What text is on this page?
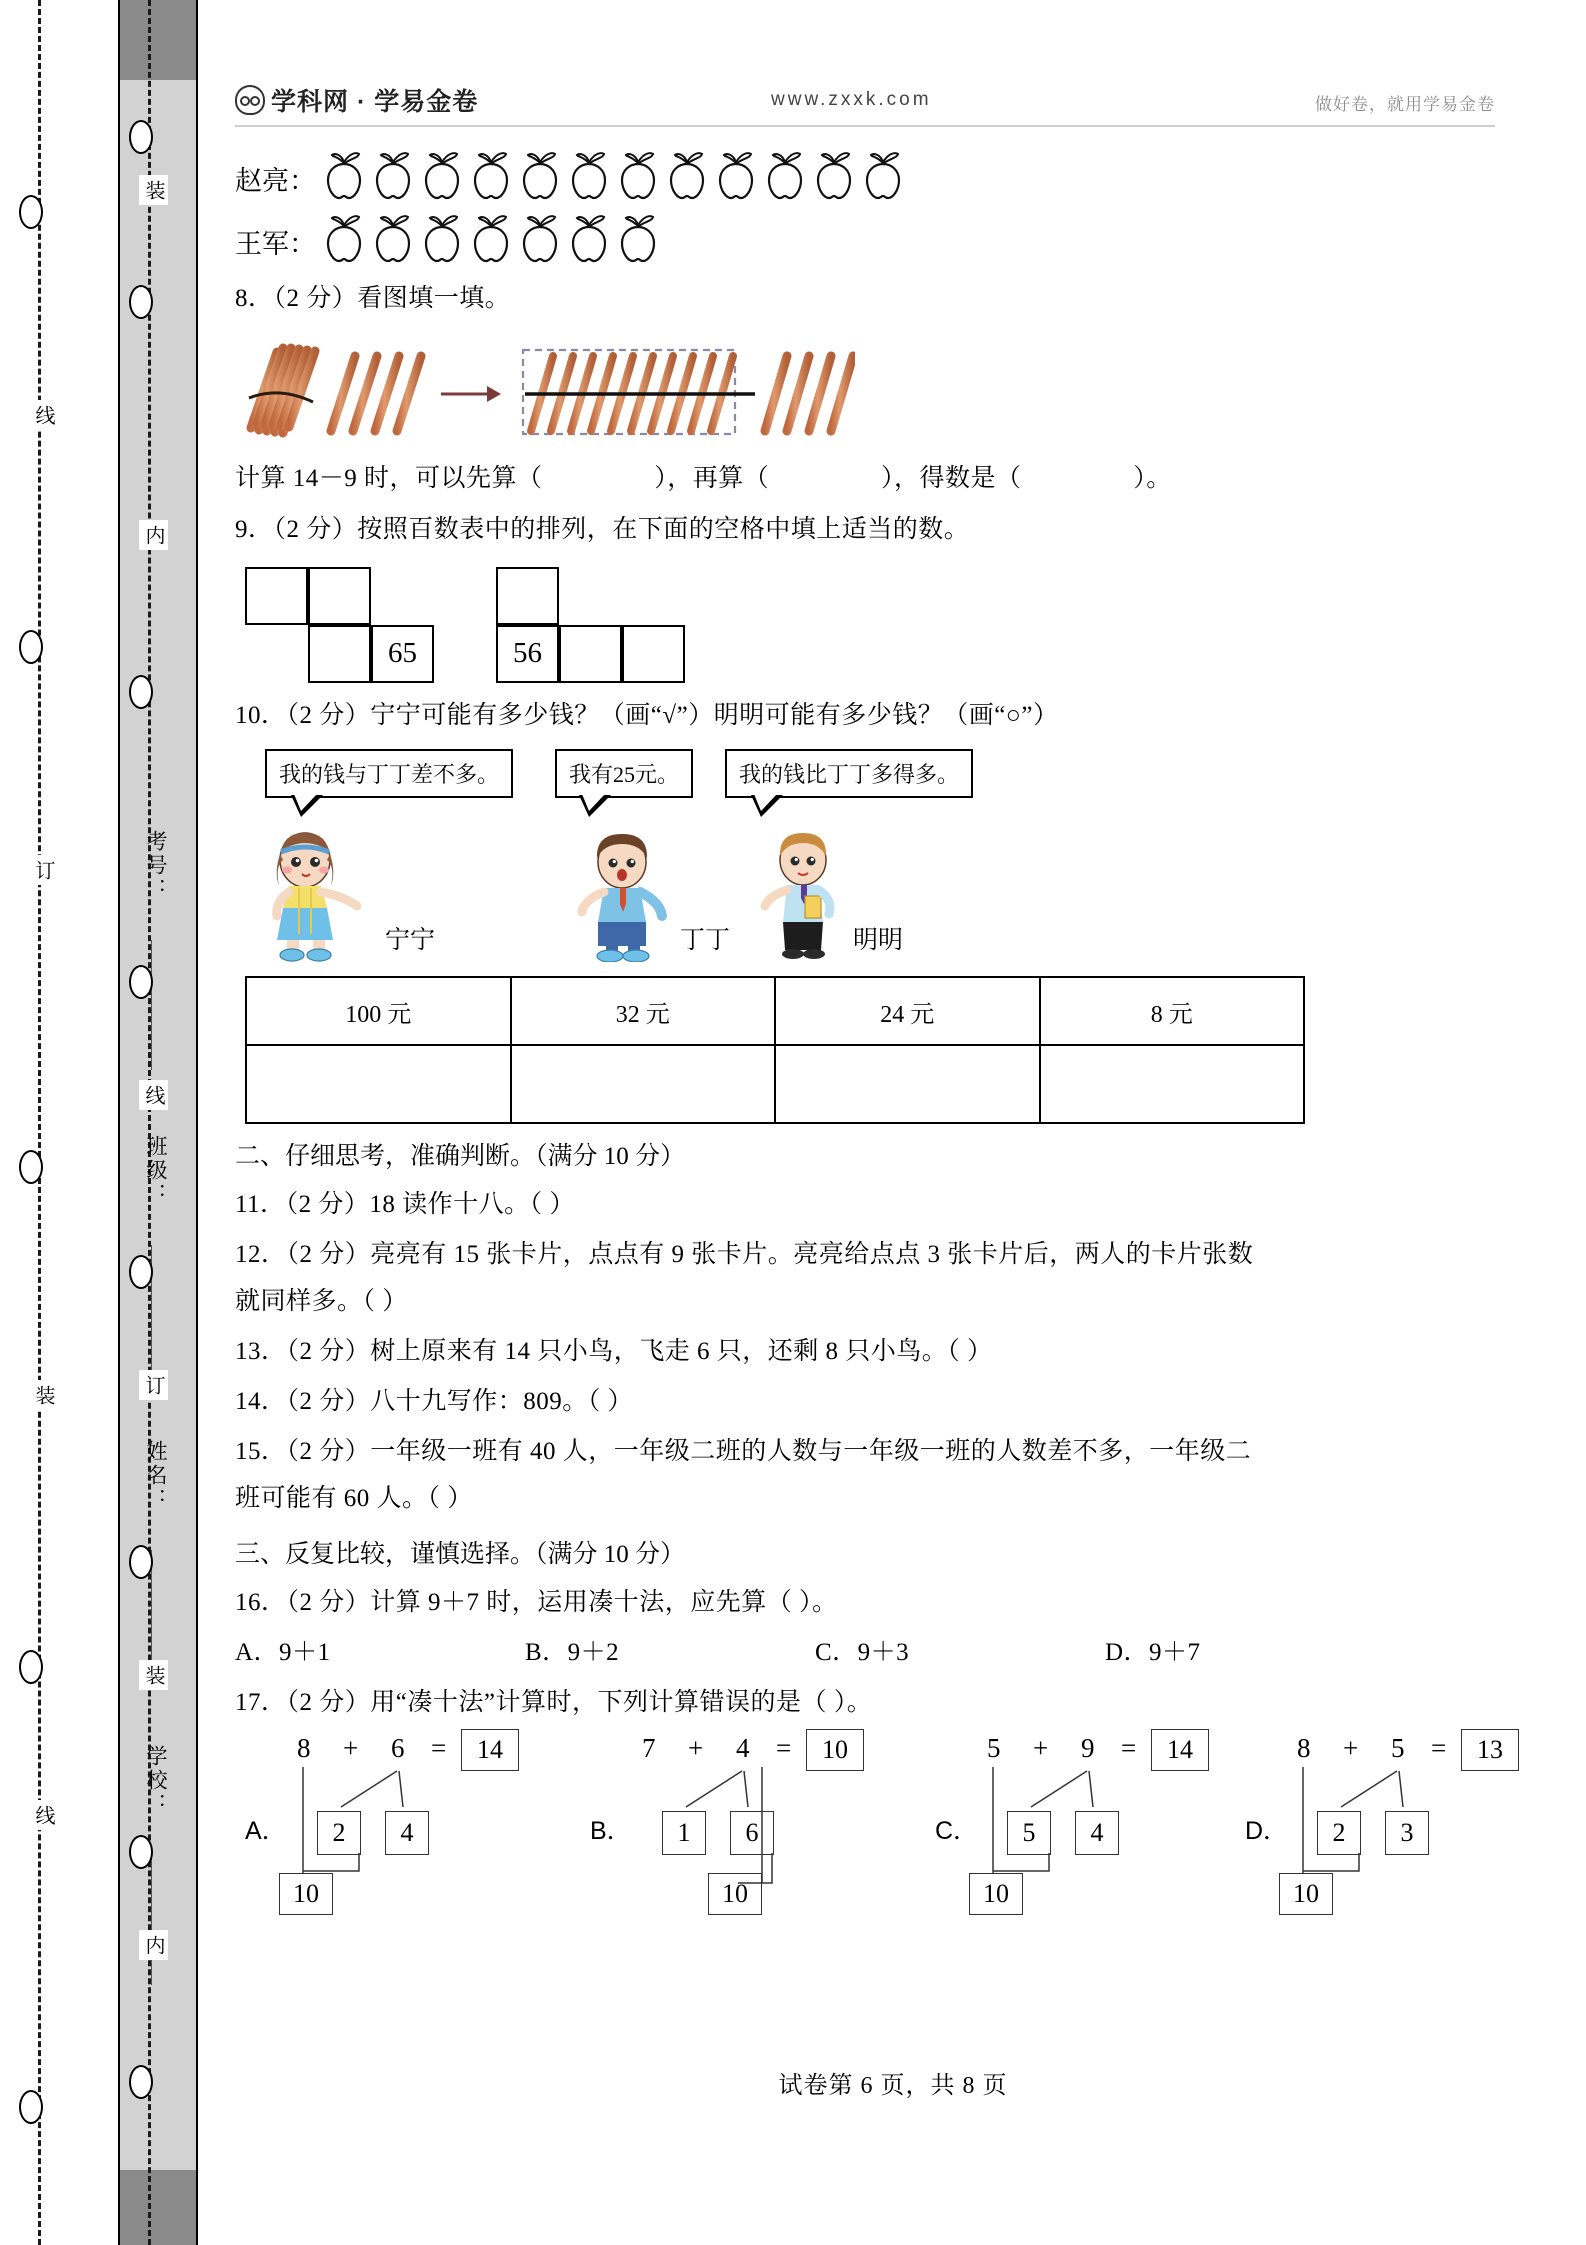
考号：
班级：
姓名：
学校：
装
内
线
订
装
内
线
订
装
线
学科网 · 学易金卷	www.zxxk.com	做好卷，就用学易金卷
赵亮：
王军：

8．（2 分）看图填一填。

计算 14－9 时，可以先算（	），再算（	），得数是（	）。

9．（2 分）按照百数表中的排列，在下面的空格中填上适当的数。

65	56

10．（2 分）宁宁可能有多少钱？（画“√”）明明可能有多少钱？（画“○”）

我的钱与丁丁差不多。	我有25元。	我的钱比丁丁多得多。
宁宁	丁丁	明明
100 元	32 元	24 元	8 元

二、仔细思考，准确判断。（满分 10 分）

11．（2 分）18 读作十八。（ ）

12．（2 分）亮亮有 15 张卡片，点点有 9 张卡片。亮亮给点点 3 张卡片后，两人的卡片张数

就同样多。（ ）

13．（2 分）树上原来有 14 只小鸟，飞走 6 只，还剩 8 只小鸟。（ ）

14．（2 分）八十九写作：809。（ ）

15．（2 分）一年级一班有 40 人，一年级二班的人数与一年级一班的人数差不多，一年级二

班可能有 60 人。（ ）

三、反复比较，谨慎选择。（满分 10 分）

16．（2 分）计算 9＋7 时，运用凑十法，应先算（ ）。

A．9＋1	B．9＋2	C．9＋3	D．9＋7

17．（2 分）用“凑十法”计算时，下列计算错误的是（ ）。

A．
8 + 6 =	14
2	4
10
B．
7 + 4 =	10
1	6
10
C．
5 + 9 =	14
5	4
10
D．
8 + 5 =	13
2	3
10
试卷第 6 页，共 8 页
